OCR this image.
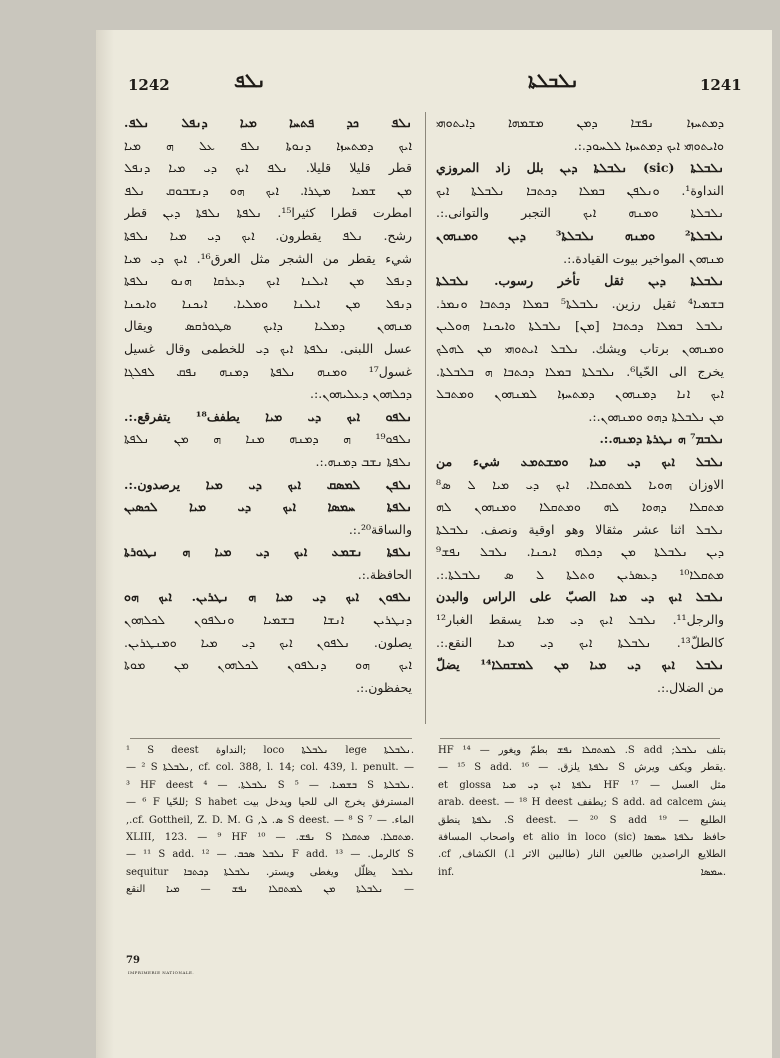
1242	ܢܠܦ	ܢܠܒܠܬܐ	1241
ܢܠܦ ܟܕ ܦܬܚܐ ܡܝܐ ܕܢܦܠ ܢܠܦ.
ܐܝܟ ܕܡܬܚܙܐ ܕܢܘܬܐ ܢܠܦ ܥܠ ܗ ܡܝܐ
قطر قليلا قليلا. ܢܠܦ ܐܝܟ ܕܝ ܡܝܐ ܕܢܦܠ
ܡܢ ܫܡܝܐ ܡܛܪܐ. ܐܝܟ ܗܘ ܕܢܫܒܘܩ ܢܠܦ
امطرت قطرا كثيرا¹⁵. ܢܠܦܬܐ ܢܠܦܬܐ ܕܝܢ قطر
رشح. ܢܠܦ يقطرون. ܐܝܟ ܕܝ ܡܝܐ ܢܠܦܬܐ
شيء يقطر من الشجر مثل العرق¹⁶. ܐܝܟ ܕܝ ܡܝܐ
ܕܢܦܠ ܡܢ ܐܝܠܢܐ ܐܝܟ ܕܥܪܩܐ ܗܢܘ ܢܠܦܬܐ
ܕܢܦܠ ܡܢ ܐܝܠܢܐ ܘܡܠܝܐ. ܐܝܟܢܐ ܘܐܝܟܢܐ
ܡܢܗܘܢ ܕܡܠܝܐ ܕܐܝܟ ܣܛܘܪܩܣ ويقال
عسل اللبنى. ܢܠܦܬܐ ܐܝܟ ܕܝ للخطمى وقال غسيل
غسول¹⁷ ܘܡܢܗ ܢܠܦܬܐ ܕܡܢܗ ܢܦܩ ܠܦܠܓܐ
ܕܟܠܗܘܢ ܕܥܠܝܗܘܢ.:.
ܢܠܦܘ ܐܝܟ ܕܝ ܡܝܐ يطفف¹⁸ يتفرقع.:.
ܢܠܦܘ¹⁹ ܗ ܕܡܢܗ ܡܢܐ ܗ ܡܢ ܢܠܦܬܐ
ܢܠܦܬܐ ܢܫܒ ܕܡܢܗ.:.
ܢܠܦܢ ܠܡܣܩ ܐܝܟ ܕܝ ܡܝܐ يرصدون.:.
ܢܠܦܬܐ ܚܡܣܐ ܐܝܟ ܕܝ ܡܝܐ ܠܟܣܝܢ
والساقة²⁰.:.
ܢܠܦܬܐ ܢܫܡܥ ܐܝܟ ܕܝ ܡܝܐ ܗ ܢܛܘܪܬܐ
الحافظة.:.
ܢܠܦܘܢ ܐܝܟ ܕܝ ܡܝܐ ܗ ܢܛܪܝܢ. ܐܝܟ ܗܘ
ܕܢܛܪܝܢ ܐܢܫܐ ܒܫܡܝܐ ܘܢܠܦܘܢ ܠܟܠܗܘܢ
يصلون. ܢܠܦܘܢ ܐܝܟ ܕܝ ܡܝܐ ܘܡܢܛܪܝܢ.
ܐܝܟ ܗܘ ܕܢܠܦܘܢ ܠܟܠܗܘܢ ܡܢ ܡܘܬܐ
يحفظون.:.
ܕܡܬܚܙܐ ܢܦܫܐ ܕܡܢ ܡܫܡܗܐ ܕܐܝܬܘܗܝ
ܘܐܝܬܘܗܝ ܐܝܟ ܕܡܬܚܙܐ ܠܠܚܘܕ.:.
ܢܠܒܠܬܐ (sic) ܢܠܒܠܬܐ ܕܝܢ بلل زاد المروزي
النداوة¹. ܘܢܠܦܢ ܒܡܠܐ ܕܟܬܒܐ ܢܠܒܠܬܐ ܐܝܟ
ܢܠܒܠܬܐ ܘܡܢܗ ܐܝܟ التجبر والتوانى.:.
ܢܠܒܠܬܐ² ܘܡܢܗ ܢܠܒܠܬܐ³ ܕܝܢ ܘܡܢܗܘܢ
ܡܢܗܘܢ المواخير بيوت القيادة.:.
ܢܠܒܠܬܐ ܕܝܢ ثقل تأخر رسوب. ܢܠܒܠܬܐ
ܒܫܡܝܐ⁴ ثقيل رزين. ܢܠܒܠܬܐ⁵ ܒܡܠܐ ܕܟܬܒܐ ܘܢܡܪ.
ܢܠܒܠ ܒܡܠܐ ܕܟܬܒܐ [ܡܢ] ܢܠܒܠܬܐ ܘܐܝܟܢܐ ܗܘܠܝܢ
ܘܡܢܗܘܢ برتاب ويشك. ܢܠܒܠ ܐܝܬܘܗܝ ܡܢ ܠܗܠܟ
يخرج الى الحّيا⁶. ܢܠܒܠܬܐ ܒܡܠܐ ܕܟܬܒܐ ܗ ܒܠܒܠܬܐ.
ܐܝܟ ܐܢܐ ܕܡܢܗܘܢ ܕܡܬܚܙܐ ܠܡܢܗܘܢ ܘܡܬܒܠ
ܡܢ ܢܠܒܠܬܐ ܕܗܘ ܘܡܢܗܘܢ.:.
ܢܠܒܡ⁷ ܗ ܢܛܪܬܐ ܕܡܢܗ.:.
ܢܠܒܠ ܐܝܟ ܕܝ ܡܝܐ ܘܡܫܬܡܥ شيء من
الاوزان ܗܘܝܐ ܠܡܬܩܠܐ. ܐܝܟ ܕܝ ܡܝܐ ܠ ܣ⁸
ܡܬܩܠܐ ܕܗܘܐ ܠܗ ܘܡܬܩܠܐ ܘܡܢܗܘܢ ܠܗ
ܢܠܒܠ اثنا عشر مثقالا وهو اوقية ونصف. ܢܠܒܠܬܐ
ܕܝܢ ܢܠܒܠܬܐ ܡܢ ܕܟܠܗ ܐܝܟܢܐ. ܢܠܒܠ ܢܦܫ⁹
ܡܬܩܠܐ¹⁰ ܕܥܣܪܝܢ ܘܬܠܬܐ ܠ ܣ ܢܠܒܠܬܐ.:.
ܢܠܒܠ ܐܝܟ ܕܝ ܡܝܐ الصبّ على الراس والبدن
والرجل¹¹. ܢܠܒܠ ܐܝܟ ܕܝ ܡܝܐ يسقط الغبار¹²
كالطلّ¹³. ܢܠܒܠܬܐ ܐܝܟ ܕܝ ܡܝܐ النقع.:.
ܢܠܒܠ ܐܝܟ ܕܝ ܡܝܐ ܡܢ ܠܡܫܩܠܐ¹⁴ يضلّ
من الضلال.:.
¹ S deest النداوة; loco ܢܠܒܠܬܐ lege ܢܠܒܠܬܐ.
— ² S ܢܠܒܠܬܐ, cf. col. 388, l. 14; col. 439, l. penult. —
³ HF deest ܢܠܒܠܬܐ. — ⁴ S ܒܫܡܝܐ. — ⁵ S ܢܠܒܠܬܐ.
— ⁶ F للحّيا; S habet المسترفق يخرج الى للحيا ويدخل بيت
الماء. — ⁷ S deest. — ⁸ S ܣ. ܠ, cf. Gottheil, Z. D. M. G.,
XLIII, 123. — ⁹ HF ܢܦܫ. — ¹⁰ S ܡܬܩܠܐ. ܡܬܩܠܐ.
— ¹¹ S add. ܢܠܒܠ ܣܟܒ. — ¹² F add. كالرمل. — ¹³ S
sequitur ܢܠܒܠ يظلّل ويغطى ويستر. ܢܠܒܠܬܐ ܕܟܬܒܐ
— ܢܠܒܠܬܐ ܡܢ ܠܡܬܩܠܐ ܢܦܫ — ܡܝܐ النقع
بتلف ܢܠܒܠ; S add. ܠܡܬܩܠܐ ܢܦܫ بطمّ ويغور — ¹⁴ HF
— ¹⁵ S add. ܢܠܦܬܐ يلزق. — ¹⁶ S يقطر ويكف ويرش.
مثل العسل — ¹⁷ HF ܢܠܦܬܐ ܐܝܟ ܕܝ ܡܝܐ et glossa
arab. deest. — ¹⁸ H deest يطفف; S add. ad calcem ينش
الطليع — ¹⁹ S deest. — ²⁰ S add. ܢܠܦܬܐ ينطق
حافظ ܢܠܦܬܐ ܚܡܣܐ et alio in loco (sic) واصحاب المسافة
الطلايع الراصدين طالعين النار (طالبين الاثر l.) الكشاف, cf.
inf. ܚܡܣܐ.
79
IMPRIMERIE NATIONALE.
